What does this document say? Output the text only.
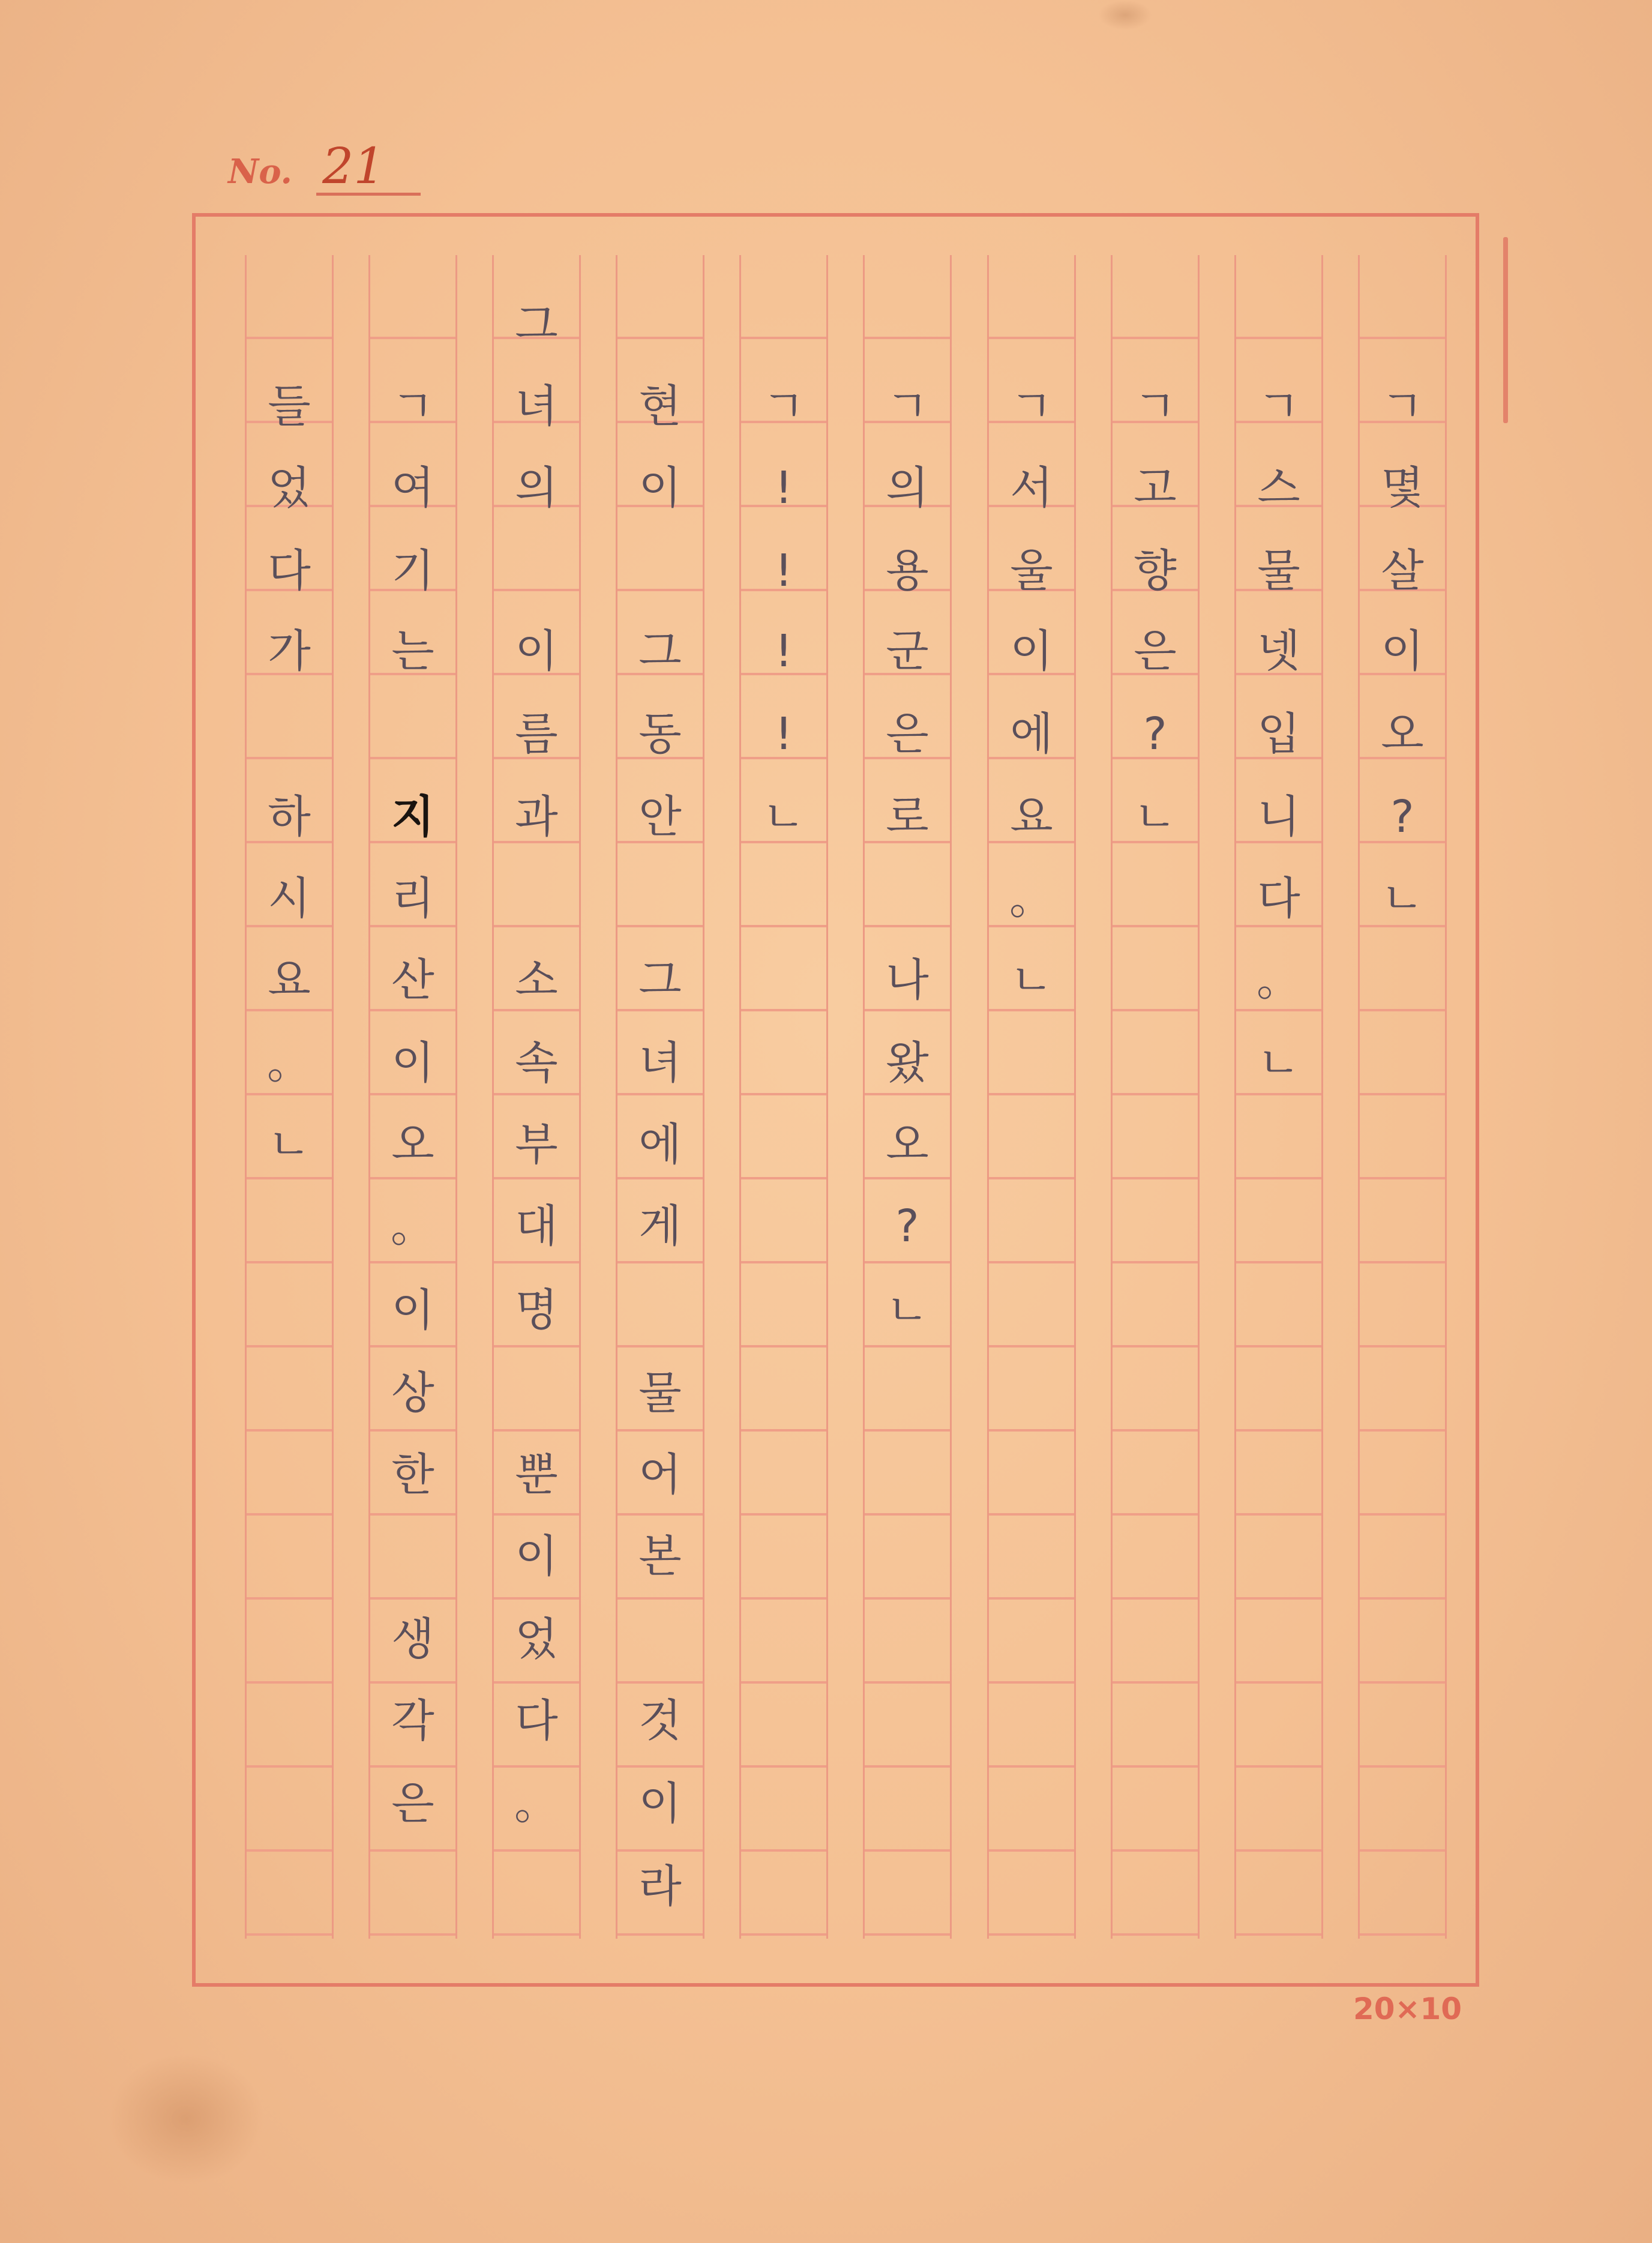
No. 21
ㄱ
몇
살
이
오
?
ㄴ
ㄱ
스
물
넷
입
니
다
。
ㄴ
ㄱ
고
향
은
?
ㄴ
ㄱ
서
울
이
에
요
。
ㄴ
ㄱ
의
용
군
은
로
나
왔
오
?
ㄴ
ㄱ
!
!
!
!
ㄴ
현
이
그
동
안
그
녀
에
게
물
어
본
것
이
라
그
녀
의
이
름
과
소
속
부
대
명
뿐
이
었
다
。
ㄱ
여
기
는
지
리
산
이
오
。
이
상
한
생
각
은
들
었
다
가
하
시
요
。
ㄴ
20×10
